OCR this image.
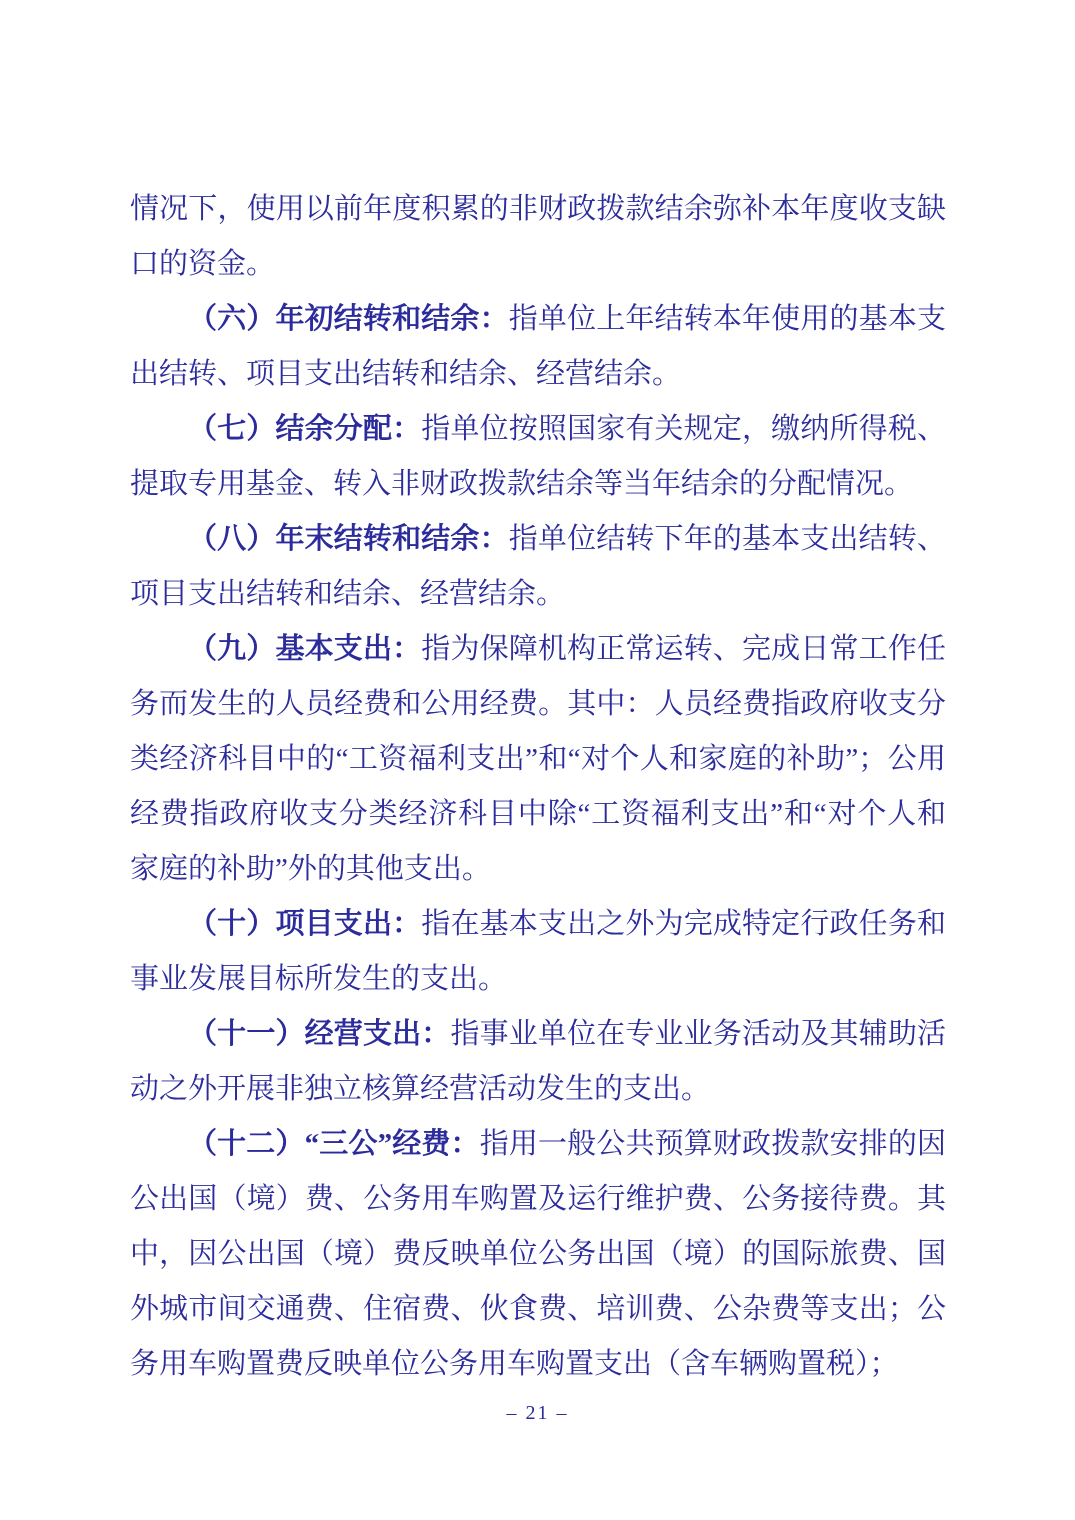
情况下，使用以前年度积累的非财政拨款结余弥补本年度收支缺口的资金。

（六）年初结转和结余：指单位上年结转本年使用的基本支出结转、项目支出结转和结余、经营结余。

（七）结余分配：指单位按照国家有关规定，缴纳所得税、提取专用基金、转入非财政拨款结余等当年结余的分配情况。

（八）年末结转和结余：指单位结转下年的基本支出结转、项目支出结转和结余、经营结余。

（九）基本支出：指为保障机构正常运转、完成日常工作任务而发生的人员经费和公用经费。其中：人员经费指政府收支分类经济科目中的“工资福利支出”和“对个人和家庭的补助”；公用经费指政府收支分类经济科目中除“工资福利支出”和“对个人和家庭的补助”外的其他支出。

（十）项目支出：指在基本支出之外为完成特定行政任务和事业发展目标所发生的支出。

（十一）经营支出：指事业单位在专业业务活动及其辅助活动之外开展非独立核算经营活动发生的支出。

（十二）“三公”经费：指用一般公共预算财政拨款安排的因公出国（境）费、公务用车购置及运行维护费、公务接待费。其中，因公出国（境）费反映单位公务出国（境）的国际旅费、国外城市间交通费、住宿费、伙食费、培训费、公杂费等支出；公务用车购置费反映单位公务用车购置支出（含车辆购置税）；

– 21 –
